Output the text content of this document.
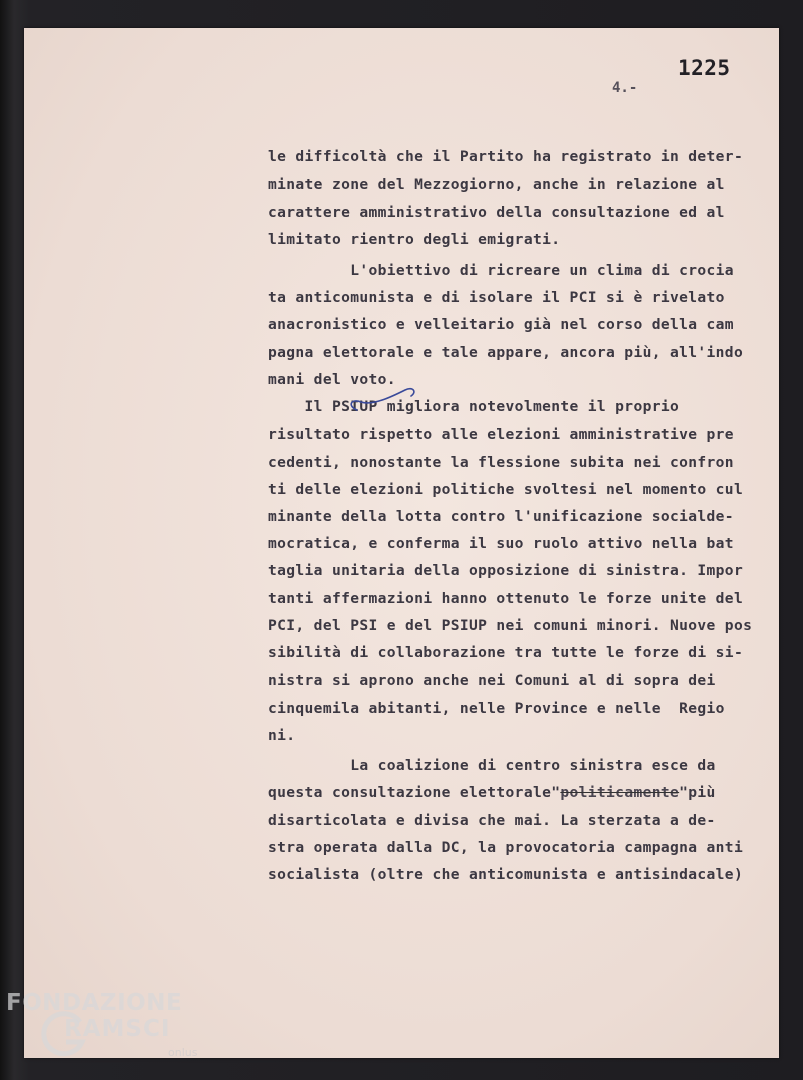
1225
4.-
le difficoltà che il Partito ha registrato in deter-
minate zone del Mezzogiorno, anche in relazione al
carattere amministrativo della consultazione ed al
limitato rientro degli emigrati.
L'obiettivo di ricreare un clima di crocia
ta anticomunista e di isolare il PCI si è rivelato
anacronistico e velleitario già nel corso della cam
pagna elettorale e tale appare, ancora più, all'indo
mani del voto.
Il PSIUP migliora notevolmente il proprio
risultato rispetto alle elezioni amministrative pre
cedenti, nonostante la flessione subita nei confron
ti delle elezioni politiche svoltesi nel momento cul
minante della lotta contro l'unificazione socialde-
mocratica, e conferma il suo ruolo attivo nella bat
taglia unitaria della opposizione di sinistra. Impor
tanti affermazioni hanno ottenuto le forze unite del
PCI, del PSI e del PSIUP nei comuni minori. Nuove pos
sibilità di collaborazione tra tutte le forze di si-
nistra si aprono anche nei Comuni al di sopra dei
cinquemila abitanti, nelle Province e nelle  Regio
ni.
La coalizione di centro sinistra esce da
questa consultazione elettorale"politicamente"più
disarticolata e divisa che mai. La sterzata a de-
stra operata dalla DC, la provocatoria campagna anti
socialista (oltre che anticomunista e antisindacale)
FONDAZIONE
RAMSCI
onlus
